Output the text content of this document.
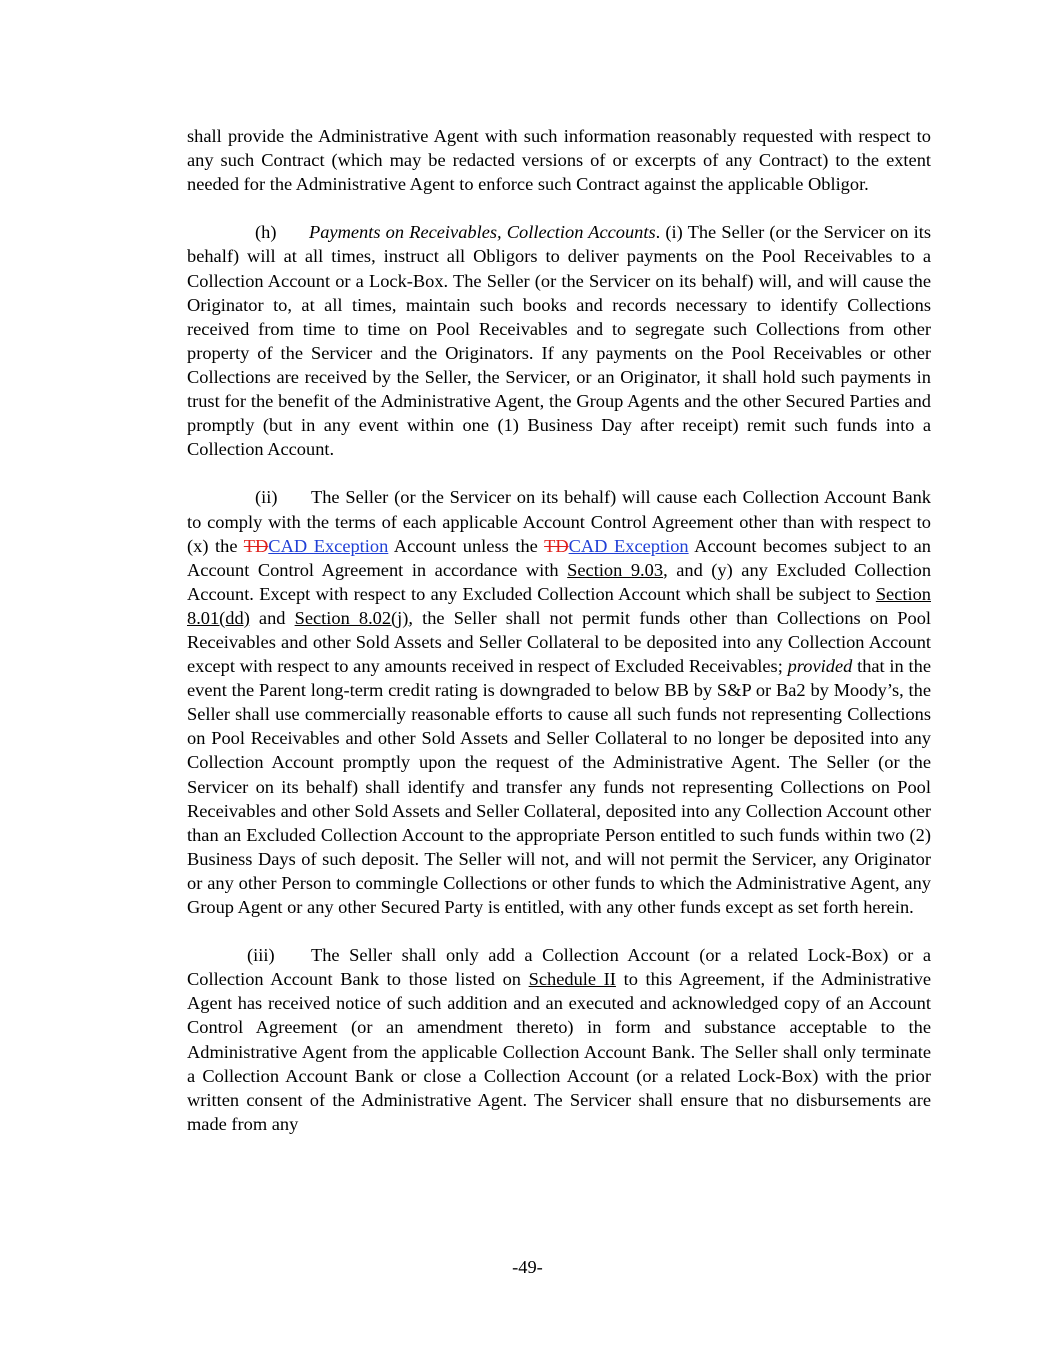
shall provide the Administrative Agent with such information reasonably requested with respect to any such Contract (which may be redacted versions of or excerpts of any Contract) to the extent needed for the Administrative Agent to enforce such Contract against the applicable Obligor.

(h) Payments on Receivables, Collection Accounts. (i) The Seller (or the Servicer on its behalf) will at all times, instruct all Obligors to deliver payments on the Pool Receivables to a Collection Account or a Lock-Box. The Seller (or the Servicer on its behalf) will, and will cause the Originator to, at all times, maintain such books and records necessary to identify Collections received from time to time on Pool Receivables and to segregate such Collections from other property of the Servicer and the Originators. If any payments on the Pool Receivables or other Collections are received by the Seller, the Servicer, or an Originator, it shall hold such payments in trust for the benefit of the Administrative Agent, the Group Agents and the other Secured Parties and promptly (but in any event within one (1) Business Day after receipt) remit such funds into a Collection Account.

(ii) The Seller (or the Servicer on its behalf) will cause each Collection Account Bank to comply with the terms of each applicable Account Control Agreement other than with respect to (x) the TDCAD Exception Account unless the TDCAD Exception Account becomes subject to an Account Control Agreement in accordance with Section 9.03, and (y) any Excluded Collection Account. Except with respect to any Excluded Collection Account which shall be subject to Section 8.01(dd) and Section 8.02(j), the Seller shall not permit funds other than Collections on Pool Receivables and other Sold Assets and Seller Collateral to be deposited into any Collection Account except with respect to any amounts received in respect of Excluded Receivables; provided that in the event the Parent long-term credit rating is downgraded to below BB by S&P or Ba2 by Moody’s, the Seller shall use commercially reasonable efforts to cause all such funds not representing Collections on Pool Receivables and other Sold Assets and Seller Collateral to no longer be deposited into any Collection Account promptly upon the request of the Administrative Agent. The Seller (or the Servicer on its behalf) shall identify and transfer any funds not representing Collections on Pool Receivables and other Sold Assets and Seller Collateral, deposited into any Collection Account other than an Excluded Collection Account to the appropriate Person entitled to such funds within two (2) Business Days of such deposit. The Seller will not, and will not permit the Servicer, any Originator or any other Person to commingle Collections or other funds to which the Administrative Agent, any Group Agent or any other Secured Party is entitled, with any other funds except as set forth herein.

(iii) The Seller shall only add a Collection Account (or a related Lock-Box) or a Collection Account Bank to those listed on Schedule II to this Agreement, if the Administrative Agent has received notice of such addition and an executed and acknowledged copy of an Account Control Agreement (or an amendment thereto) in form and substance acceptable to the Administrative Agent from the applicable Collection Account Bank. The Seller shall only terminate a Collection Account Bank or close a Collection Account (or a related Lock-Box) with the prior written consent of the Administrative Agent. The Servicer shall ensure that no disbursements are made from any

-49-
